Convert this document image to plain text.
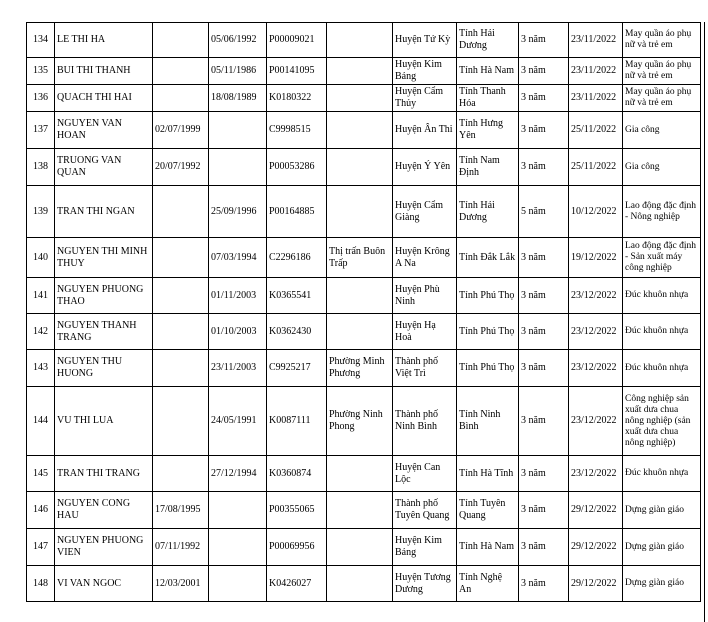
134	LE THI HA		05/06/1992	P00009021		Huyện Tứ Kỳ	Tỉnh Hải Dương	3 năm	23/11/2022	May quần áo phụ nữ và trẻ em
135	BUI THI THANH		05/11/1986	P00141095		Huyện Kim Bảng	Tỉnh Hà Nam	3 năm	23/11/2022	May quần áo phụ nữ và trẻ em
136	QUACH THI HAI		18/08/1989	K0180322		Huyện Cẩm Thủy	Tỉnh Thanh Hóa	3 năm	23/11/2022	May quần áo phụ nữ và trẻ em
137	NGUYEN VAN HOAN	02/07/1999		C9998515		Huyện Ân Thi	Tỉnh Hưng Yên	3 năm	25/11/2022	Gia công
138	TRUONG VAN QUAN	20/07/1992		P00053286		Huyện Ý Yên	Tỉnh Nam Định	3 năm	25/11/2022	Gia công
139	TRAN THI NGAN		25/09/1996	P00164885		Huyện Cẩm Giàng	Tỉnh Hải Dương	5 năm	10/12/2022	Lao động đặc định - Nông nghiệp
140	NGUYEN THI MINH THUY		07/03/1994	C2296186	Thị trấn Buôn Trấp	Huyện Krông A Na	Tỉnh Đắk Lắk	3 năm	19/12/2022	Lao động đặc định - Sản xuất máy công nghiệp
141	NGUYEN PHUONG THAO		01/11/2003	K0365541		Huyện Phù Ninh	Tỉnh Phú Thọ	3 năm	23/12/2022	Đúc khuôn nhựa
142	NGUYEN THANH TRANG		01/10/2003	K0362430		Huyện Hạ Hoà	Tỉnh Phú Thọ	3 năm	23/12/2022	Đúc khuôn nhựa
143	NGUYEN THU HUONG		23/11/2003	C9925217	Phường Minh Phương	Thành phố Việt Trì	Tỉnh Phú Thọ	3 năm	23/12/2022	Đúc khuôn nhựa
144	VU THI LUA		24/05/1991	K0087111	Phường Ninh Phong	Thành phố Ninh Bình	Tỉnh Ninh Bình	3 năm	23/12/2022	Công nghiệp sản xuất dưa chua nông nghiệp (sản xuất dưa chua nông nghiệp)
145	TRAN THI TRANG		27/12/1994	K0360874		Huyện Can Lộc	Tỉnh Hà Tĩnh	3 năm	23/12/2022	Đúc khuôn nhựa
146	NGUYEN CONG HAU	17/08/1995		P00355065		Thành phố Tuyên Quang	Tỉnh Tuyên Quang	3 năm	29/12/2022	Dựng giàn giáo
147	NGUYEN PHUONG VIEN	07/11/1992		P00069956		Huyện Kim Bảng	Tỉnh Hà Nam	3 năm	29/12/2022	Dựng giàn giáo
148	VI VAN NGOC	12/03/2001		K0426027		Huyện Tương Dương	Tỉnh Nghệ An	3 năm	29/12/2022	Dựng giàn giáo
